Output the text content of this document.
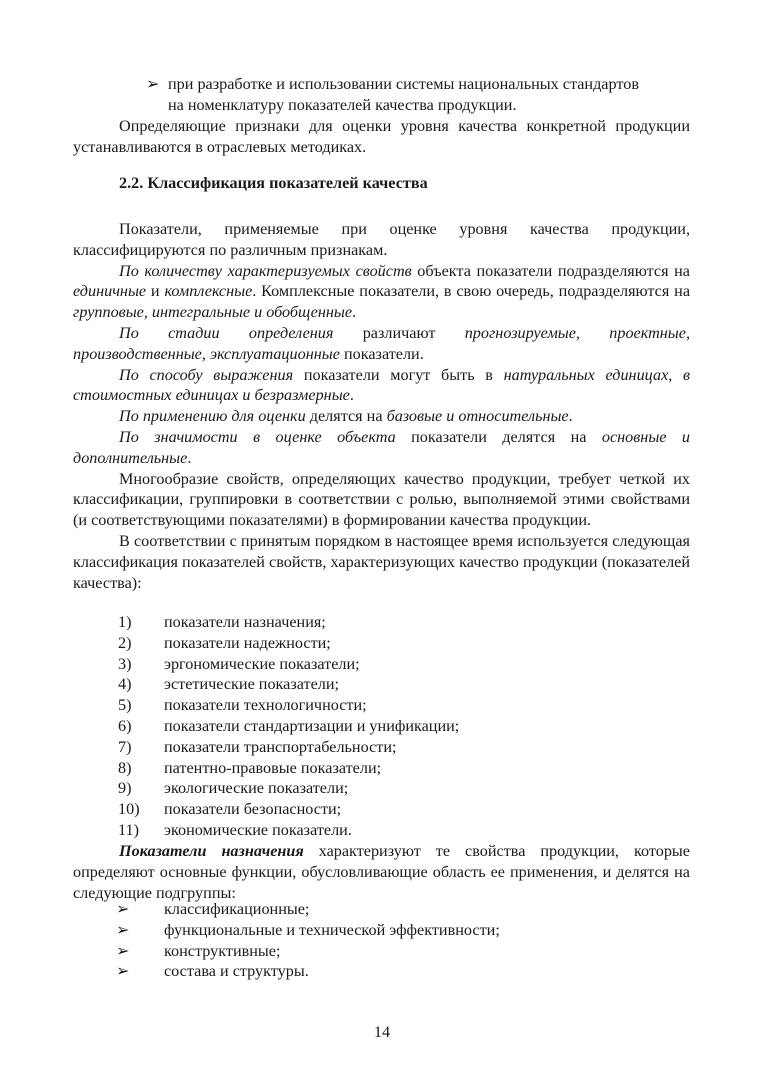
➢ при разработке и использовании системы национальных стандартов
на номенклатуру показателей качества продукции.

Определяющие признаки для оценки уровня качества конкретной продукции устанавливаются в отраслевых методиках.

2.2. Классификация показателей качества

Показатели, применяемые при оценке уровня качества продукции, классифицируются по различным признакам.

По количеству характеризуемых свойств объекта показатели подразделяются на единичные и комплексные. Комплексные показатели, в свою очередь, подразделяются на групповые, интегральные и обобщенные.

По стадии определения различают прогнозируемые, проектные, производственные, эксплуатационные показатели.

По способу выражения показатели могут быть в натуральных единицах, в стоимостных единицах и безразмерные.

По применению для оценки делятся на базовые и относительные.

По значимости в оценке объекта показатели делятся на основные и дополнительные.

Многообразие свойств, определяющих качество продукции, требует четкой их классификации, группировки в соответствии с ролью, выполняемой этими свойствами (и соответствующими показателями) в формировании качества продукции.

В соответствии с принятым порядком в настоящее время используется следующая классификация показателей свойств, характеризующих качество продукции (показателей качества):

1) показатели назначения;
2) показатели надежности;
3) эргономические показатели;
4) эстетические показатели;
5) показатели технологичности;
6) показатели стандартизации и унификации;
7) показатели транспортабельности;
8) патентно-правовые показатели;
9) экологические показатели;
10) показатели безопасности;
11) экономические показатели.

Показатели назначения характеризуют те свойства продукции, которые определяют основные функции, обусловливающие область ее применения, и делятся на следующие подгруппы:

➢ классификационные;
➢ функциональные и технической эффективности;
➢ конструктивные;
➢ состава и структуры.
14
